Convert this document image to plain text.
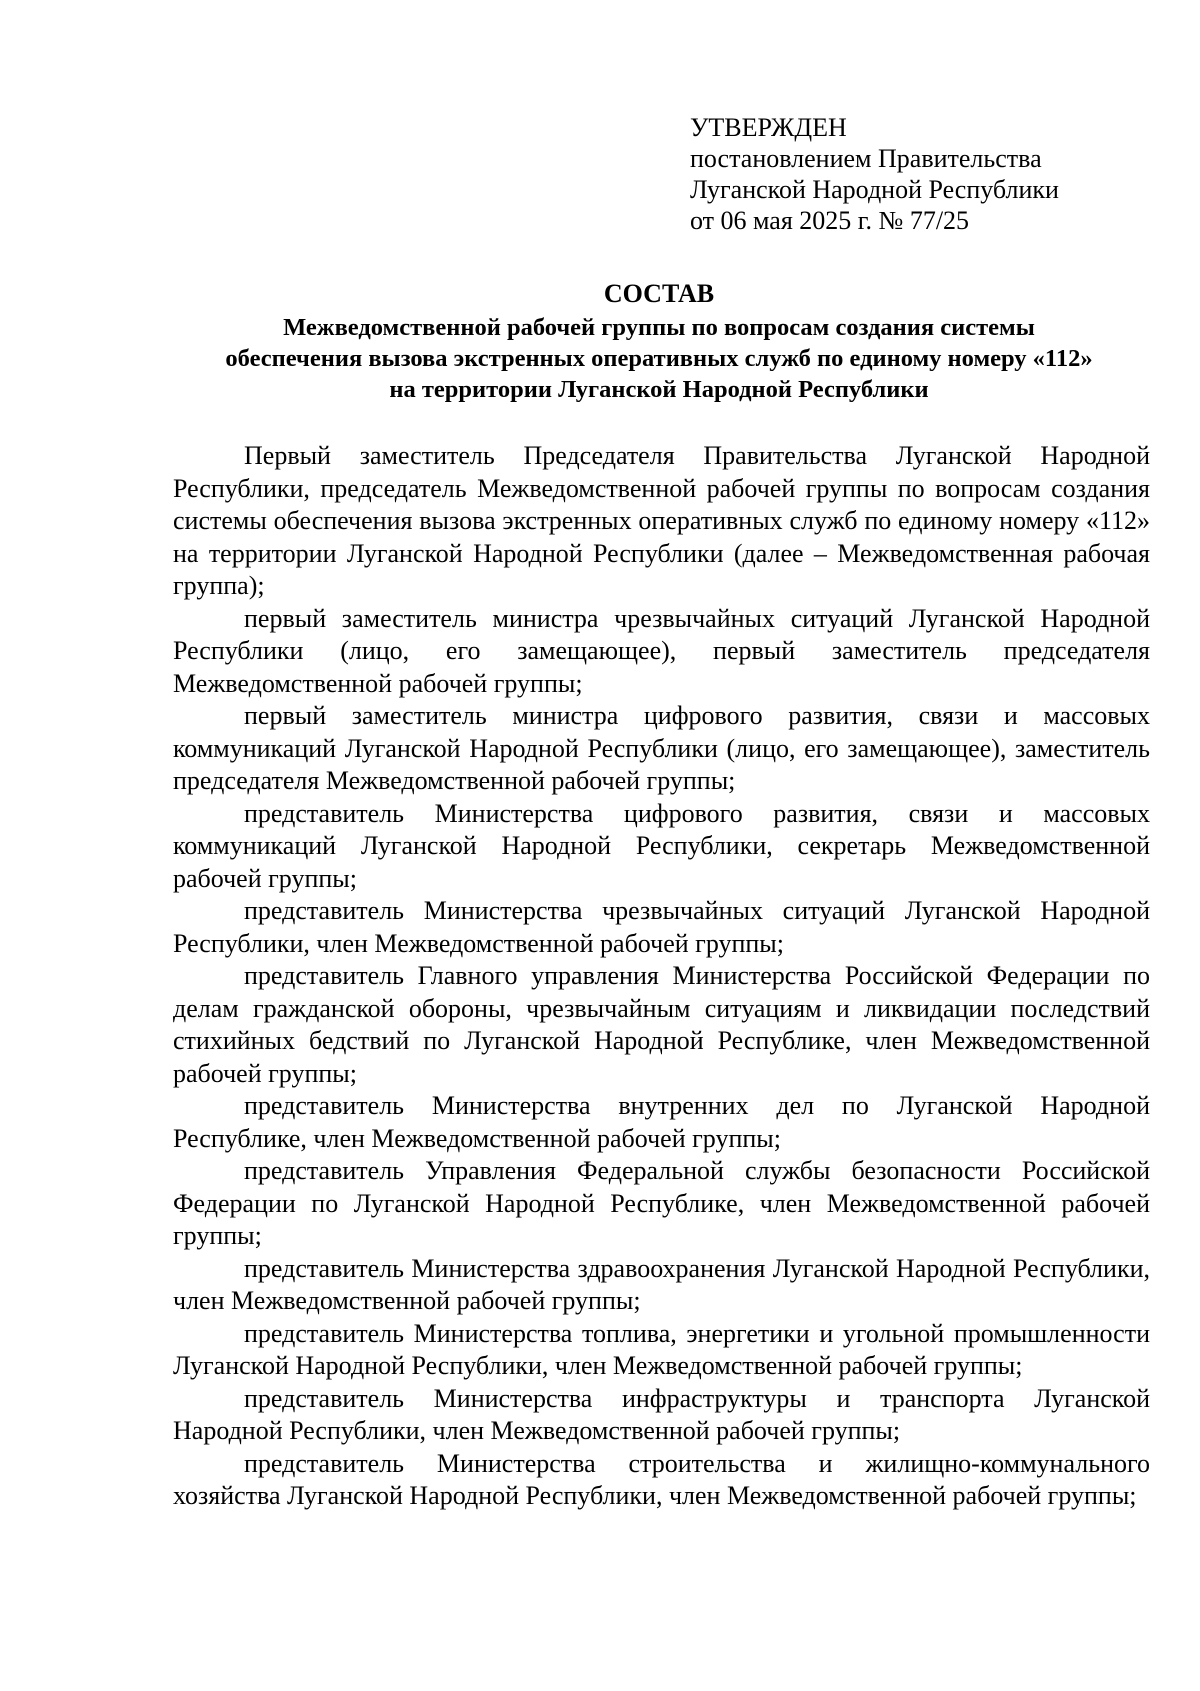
УТВЕРЖДЕН
постановлением Правительства
Луганской Народной Республики
от 06 мая 2025 г. № 77/25
СОСТАВ
Межведомственной рабочей группы по вопросам создания системы
обеспечения вызова экстренных оперативных служб по единому номеру «112»
на территории Луганской Народной Республики

Первый заместитель Председателя Правительства Луганской Народной Республики, председатель Межведомственной рабочей группы по вопросам создания системы обеспечения вызова экстренных оперативных служб по единому номеру «112» на территории Луганской Народной Республики (далее – Межведомственная рабочая группа);

первый заместитель министра чрезвычайных ситуаций Луганской Народной Республики (лицо, его замещающее), первый заместитель председателя Межведомственной рабочей группы;

первый заместитель министра цифрового развития, связи и массовых коммуникаций Луганской Народной Республики (лицо, его замещающее), заместитель председателя Межведомственной рабочей группы;

представитель Министерства цифрового развития, связи и массовых коммуникаций Луганской Народной Республики, секретарь Межведомственной рабочей группы;

представитель Министерства чрезвычайных ситуаций Луганской Народной Республики, член Межведомственной рабочей группы;

представитель Главного управления Министерства Российской Федерации по делам гражданской обороны, чрезвычайным ситуациям и ликвидации последствий стихийных бедствий по Луганской Народной Республике, член Межведомственной рабочей группы;

представитель Министерства внутренних дел по Луганской Народной Республике, член Межведомственной рабочей группы;

представитель Управления Федеральной службы безопасности Российской Федерации по Луганской Народной Республике, член Межведомственной рабочей группы;

представитель Министерства здравоохранения Луганской Народной Республики, член Межведомственной рабочей группы;

представитель Министерства топлива, энергетики и угольной промышленности Луганской Народной Республики, член Межведомственной рабочей группы;

представитель Министерства инфраструктуры и транспорта Луганской Народной Республики, член Межведомственной рабочей группы;

представитель Министерства строительства и жилищно-коммунального хозяйства Луганской Народной Республики, член Межведомственной рабочей группы;
